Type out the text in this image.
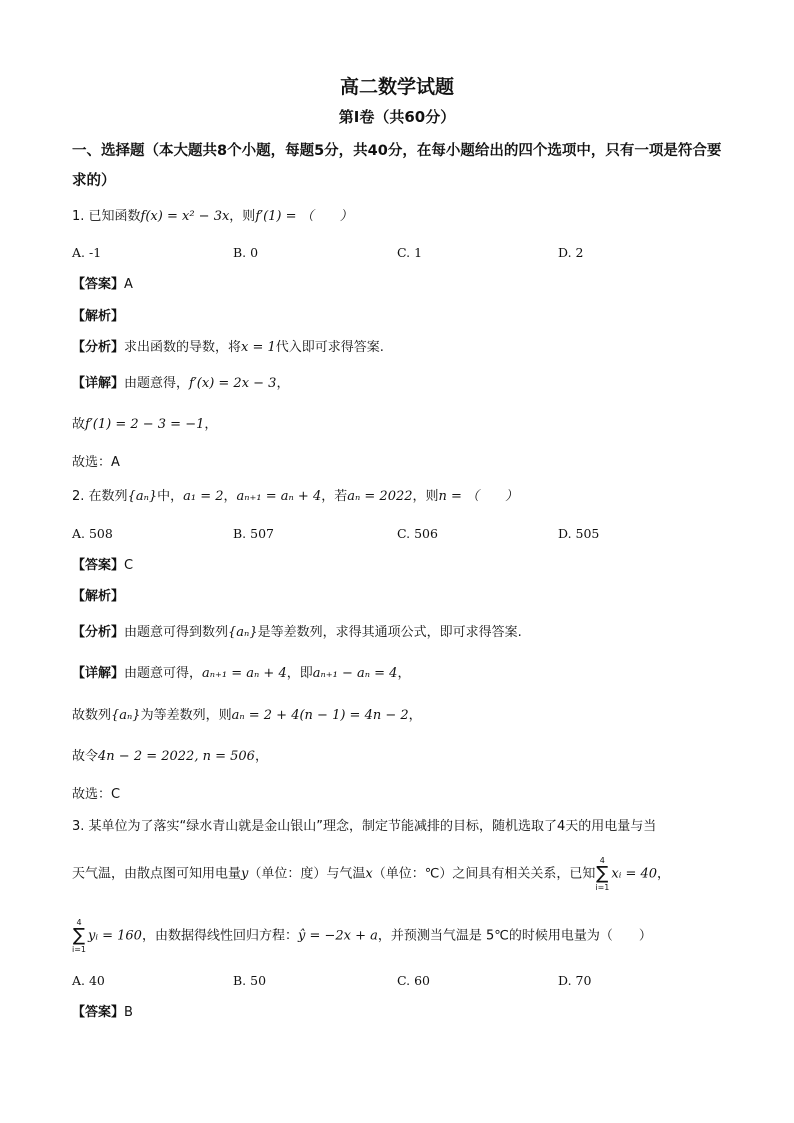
高二数学试题
第Ⅰ卷（共60分）
一、选择题（本大题共8个小题，每题5分，共40分，在每小题给出的四个选项中，只有一项是符合要求的）
1. 已知函数f(x) = x² − 3x，则f′(1) = （　　）
A. -1	B. 0	C. 1	D. 2
【答案】A
【解析】
【分析】求出函数的导数，将x = 1代入即可求得答案.
【详解】由题意得，f′(x) = 2x − 3，
故f′(1) = 2 − 3 = −1，
故选：A
2. 在数列{aₙ}中，a₁ = 2，aₙ₊₁ = aₙ + 4，若aₙ = 2022，则n = （　　）
A. 508	B. 507	C. 506	D. 505
【答案】C
【解析】
【分析】由题意可得到数列{aₙ}是等差数列，求得其通项公式，即可求得答案.
【详解】由题意可得，aₙ₊₁ = aₙ + 4，即aₙ₊₁ − aₙ = 4，
故数列{aₙ}为等差数列，则aₙ = 2 + 4(n − 1) = 4n − 2，
故令4n − 2 = 2022, n = 506，
故选：C
3. 某单位为了落实“绿水青山就是金山银山”理念，制定节能减排的目标，随机选取了4天的用电量与当
天气温，由散点图可知用电量y（单位：度）与气温x（单位：℃）之间具有相关关系，已知
4
∑
i=1
xᵢ = 40，
4
∑
i=1
yᵢ = 160，由数据得线性回归方程：ŷ = −2x + a，并预测当气温是 5℃的时候用电量为（　　）
A. 40	B. 50	C. 60	D. 70
【答案】B
